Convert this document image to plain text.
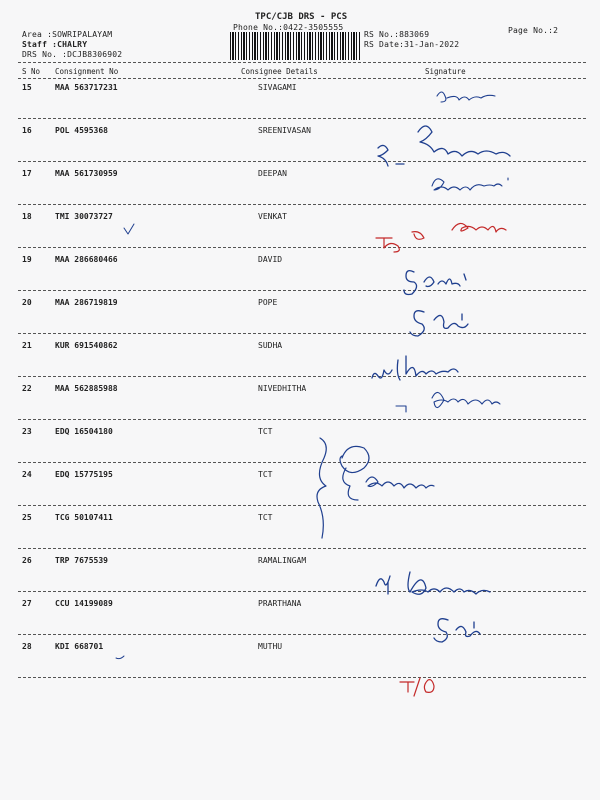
TPC/CJB DRS - PCS
Phone No.:0422-3505555
Area :SOWRIPALAYAM
Staff :CHALRY
DRS No. :DCJB8306902
RS No.:883069
RS Date:31-Jan-2022
Page No.:2
S No Consignment No	Consignee Details	Signature
15	MAA 563717231	SIVAGAMI
16	POL 4595368	SREENIVASAN
17	MAA 561730959	DEEPAN
18	TMI 30073727	VENKAT
19	MAA 286680466	DAVID
20	MAA 286719819	POPE
21	KUR 691540862	SUDHA
22	MAA 562885988	NIVEDHITHA
23	EDQ 16504180	TCT
24	EDQ 15775195	TCT
25	TCG 50107411	TCT
26	TRP 7675539	RAMALINGAM
27	CCU 14199089	PRARTHANA
28	KDI 668701	MUTHU
